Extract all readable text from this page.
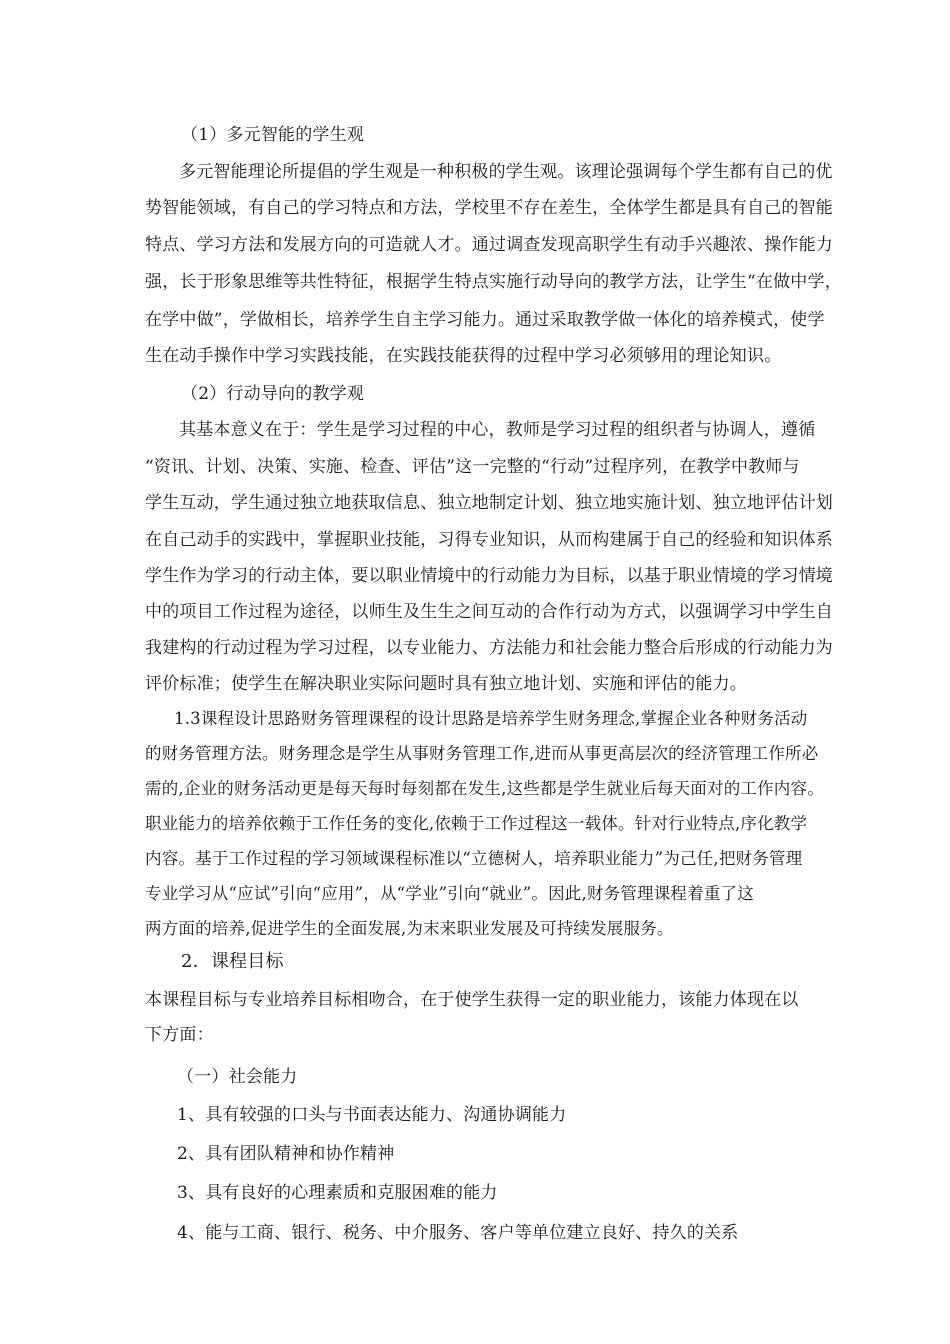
（1）多元智能的学生观
多元智能理论所提倡的学生观是一种积极的学生观。该理论强调每个学生都有自己的优
势智能领域，有自己的学习特点和方法，学校里不存在差生，全体学生都是具有自己的智能
特点、学习方法和发展方向的可造就人才。通过调查发现高职学生有动手兴趣浓、操作能力
强，长于形象思维等共性特征，根据学生特点实施行动导向的教学方法，让学生“在做中学，
在学中做”，学做相长，培养学生自主学习能力。通过采取教学做一体化的培养模式，使学
生在动手操作中学习实践技能，在实践技能获得的过程中学习必须够用的理论知识。
（2）行动导向的教学观
其基本意义在于：学生是学习过程的中心，教师是学习过程的组织者与协调人，遵循
“资讯、计划、决策、实施、检查、评估”这一完整的“行动”过程序列，在教学中教师与
学生互动，学生通过独立地获取信息、独立地制定计划、独立地实施计划、独立地评估计划
在自己动手的实践中，掌握职业技能，习得专业知识，从而构建属于自己的经验和知识体系
学生作为学习的行动主体，要以职业情境中的行动能力为目标，以基于职业情境的学习情境
中的项目工作过程为途径，以师生及生生之间互动的合作行动为方式，以强调学习中学生自
我建构的行动过程为学习过程，以专业能力、方法能力和社会能力整合后形成的行动能力为
评价标准；使学生在解决职业实际问题时具有独立地计划、实施和评估的能力。
1.3课程设计思路财务管理课程的设计思路是培养学生财务理念,掌握企业各种财务活动
的财务管理方法。财务理念是学生从事财务管理工作,进而从事更高层次的经济管理工作所必
需的,企业的财务活动更是每天每时每刻都在发生,这些都是学生就业后每天面对的工作内容。
职业能力的培养依赖于工作任务的变化,依赖于工作过程这一载体。针对行业特点,序化教学
内容。基于工作过程的学习领域课程标准以“立德树人，培养职业能力”为己任,把财务管理
专业学习从“应试”引向“应用”，从“学业”引向“就业”。因此,财务管理课程着重了这
两方面的培养,促进学生的全面发展,为末来职业发展及可持续发展服务。
2．课程目标
本课程目标与专业培养目标相吻合，在于使学生获得一定的职业能力，该能力体现在以
下方面：
（一）社会能力
1、具有较强的口头与书面表达能力、沟通协调能力
2、具有团队精神和协作精神
3、具有良好的心理素质和克服困难的能力
4、能与工商、银行、税务、中介服务、客户等单位建立良好、持久的关系
